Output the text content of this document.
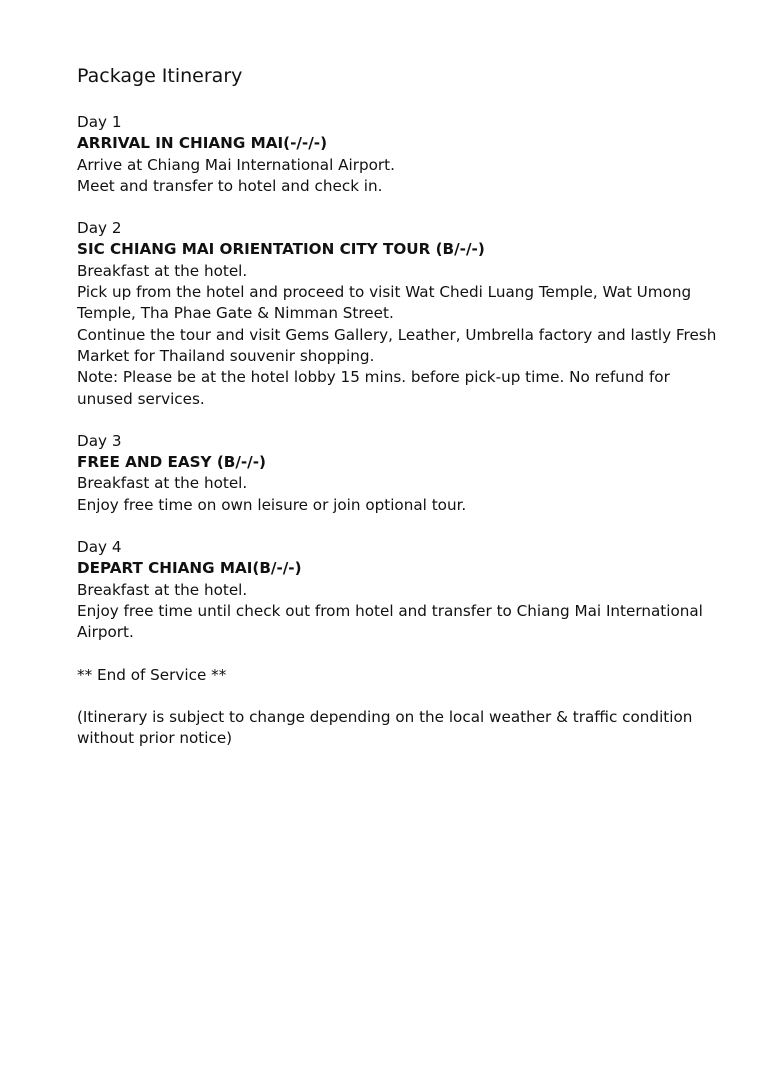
Package Itinerary
Day 1
ARRIVAL IN CHIANG MAI(-/-/-)
Arrive at Chiang Mai International Airport.
Meet and transfer to hotel and check in.
Day 2
SIC CHIANG MAI ORIENTATION CITY TOUR (B/-/-)
Breakfast at the hotel.
Pick up from the hotel and proceed to visit Wat Chedi Luang Temple, Wat Umong Temple, Tha Phae Gate & Nimman Street.
Continue the tour and visit Gems Gallery, Leather, Umbrella factory and lastly Fresh Market for Thailand souvenir shopping.
Note: Please be at the hotel lobby 15 mins. before pick-up time. No refund for unused services.
Day 3
FREE AND EASY (B/-/-)
Breakfast at the hotel.
Enjoy free time on own leisure or join optional tour.
Day 4
DEPART CHIANG MAI(B/-/-)
Breakfast at the hotel.
Enjoy free time until check out from hotel and transfer to Chiang Mai International Airport.
** End of Service **
(Itinerary is subject to change depending on the local weather & traffic condition without prior notice)
